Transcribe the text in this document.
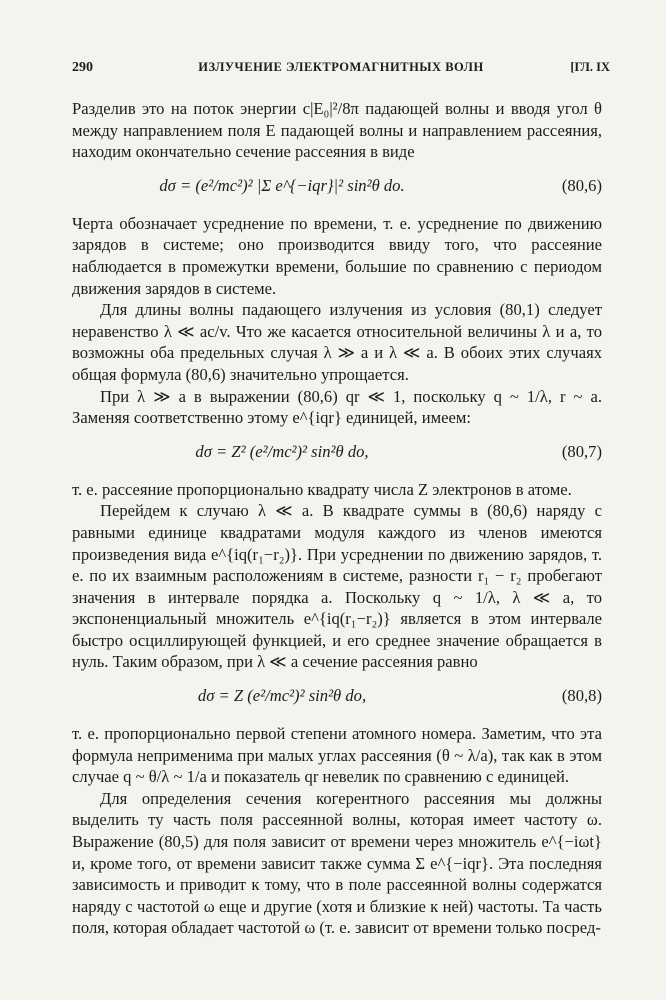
290	ИЗЛУЧЕНИЕ ЭЛЕКТРОМАГНИТНЫХ ВОЛН	[ГЛ. IX

Разделив это на поток энергии c|E₀|²/8π падающей волны и вводя угол θ между направлением поля E падающей волны и направлением рассеяния, находим окончательно сечение рассеяния в виде

dσ = (e²/mc²)² |Σ e^{−iqr}|² sin²θ do.	(80,6)

Черта обозначает усреднение по времени, т. е. усреднение по движению зарядов в системе; оно производится ввиду того, что рассеяние наблюдается в промежутки времени, большие по сравнению с периодом движения зарядов в системе.

Для длины волны падающего излучения из условия (80,1) следует неравенство λ ≪ ac/v. Что же касается относительной величины λ и a, то возможны оба предельных случая λ ≫ a и λ ≪ a. В обоих этих случаях общая формула (80,6) значительно упрощается.

При λ ≫ a в выражении (80,6) qr ≪ 1, поскольку q ~ 1/λ, r ~ a. Заменяя соответственно этому e^{iqr} единицей, имеем:

dσ = Z² (e²/mc²)² sin²θ do,	(80,7)

т. е. рассеяние пропорционально квадрату числа Z электронов в атоме.

Перейдем к случаю λ ≪ a. В квадрате суммы в (80,6) наряду с равными единице квадратами модуля каждого из членов имеются произведения вида e^{iq(r₁−r₂)}. При усреднении по движению зарядов, т. е. по их взаимным расположениям в системе, разности r₁ − r₂ пробегают значения в интервале порядка a. Поскольку q ~ 1/λ, λ ≪ a, то экспоненциальный множитель e^{iq(r₁−r₂)} является в этом интервале быстро осциллирующей функцией, и его среднее значение обращается в нуль. Таким образом, при λ ≪ a сечение рассеяния равно

dσ = Z (e²/mc²)² sin²θ do,	(80,8)

т. е. пропорционально первой степени атомного номера. Заметим, что эта формула неприменима при малых углах рассеяния (θ ~ λ/a), так как в этом случае q ~ θ/λ ~ 1/a и показатель qr невелик по сравнению с единицей.

Для определения сечения когерентного рассеяния мы должны выделить ту часть поля рассеянной волны, которая имеет частоту ω. Выражение (80,5) для поля зависит от времени через множитель e^{−iωt} и, кроме того, от времени зависит также сумма Σ e^{−iqr}. Эта последняя зависимость и приводит к тому, что в поле рассеянной волны содержатся наряду с частотой ω еще и другие (хотя и близкие к ней) частоты. Та часть поля, которая обладает частотой ω (т. е. зависит от времени только посред-
